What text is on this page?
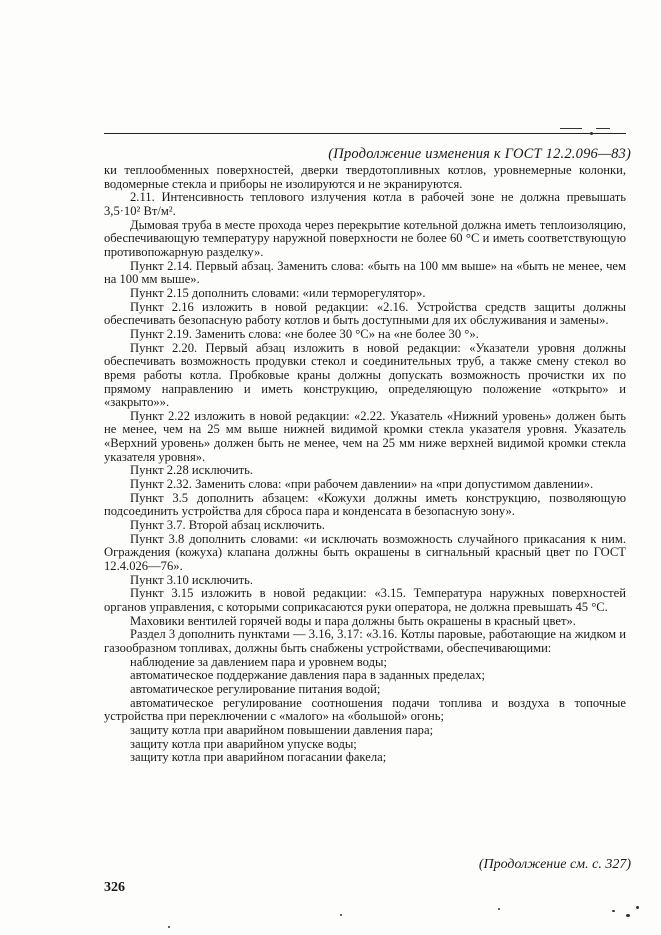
(Продолжение изменения к ГОСТ 12.2.096—83)

ки теплообменных поверхностей, дверки твердотопливных котлов, уровнемерные колонки, водомерные стекла и приборы не изолируются и не экранируются.

2.11. Интенсивность теплового излучения котла в рабочей зоне не должна превышать 3,5·10² Вт/м².

Дымовая труба в месте прохода через перекрытие котельной должна иметь теплоизоляцию, обеспечивающую температуру наружной поверхности не более 60 °С и иметь соответствующую противопожарную разделку».

Пункт 2.14. Первый абзац. Заменить слова: «быть на 100 мм выше» на «быть не менее, чем на 100 мм выше».

Пункт 2.15 дополнить словами: «или терморегулятор».

Пункт 2.16 изложить в новой редакции: «2.16. Устройства средств защиты должны обеспечивать безопасную работу котлов и быть доступными для их обслуживания и замены».

Пункт 2.19. Заменить слова: «не более 30 °С» на «не более 30 °».

Пункт 2.20. Первый абзац изложить в новой редакции: «Указатели уровня должны обеспечивать возможность продувки стекол и соединительных труб, а также смену стекол во время работы котла. Пробковые краны должны допускать возможность прочистки их по прямому направлению и иметь конструкцию, определяющую положение «открыто» и «закрыто»».

Пункт 2.22 изложить в новой редакции: «2.22. Указатель «Нижний уровень» должен быть не менее, чем на 25 мм выше нижней видимой кромки стекла указателя уровня. Указатель «Верхний уровень» должен быть не менее, чем на 25 мм ниже верхней видимой кромки стекла указателя уровня».

Пункт 2.28 исключить.

Пункт 2.32. Заменить слова: «при рабочем давлении» на «при допустимом давлении».

Пункт 3.5 дополнить абзацем: «Кожухи должны иметь конструкцию, позволяющую подсоединить устройства для сброса пара и конденсата в безопасную зону».

Пункт 3.7. Второй абзац исключить.

Пункт 3.8 дополнить словами: «и исключать возможность случайного прикасания к ним. Ограждения (кожуха) клапана должны быть окрашены в сигнальный красный цвет по ГОСТ 12.4.026—76».

Пункт 3.10 исключить.

Пункт 3.15 изложить в новой редакции: «3.15. Температура наружных поверхностей органов управления, с которыми соприкасаются руки оператора, не должна превышать 45 °С.

Маховики вентилей горячей воды и пара должны быть окрашены в красный цвет».

Раздел 3 дополнить пунктами — 3.16, 3.17: «3.16. Котлы паровые, работающие на жидком и газообразном топливах, должны быть снабжены устройствами, обеспечивающими:

наблюдение за давлением пара и уровнем воды;

автоматическое поддержание давления пара в заданных пределах;

автоматическое регулирование питания водой;

автоматическое регулирование соотношения подачи топлива и воздуха в топочные устройства при переключении с «малого» на «большой» огонь;

защиту котла при аварийном повышении давления пара;

защиту котла при аварийном упуске воды;

защиту котла при аварийном погасании факела;

(Продолжение см. с. 327)
326
